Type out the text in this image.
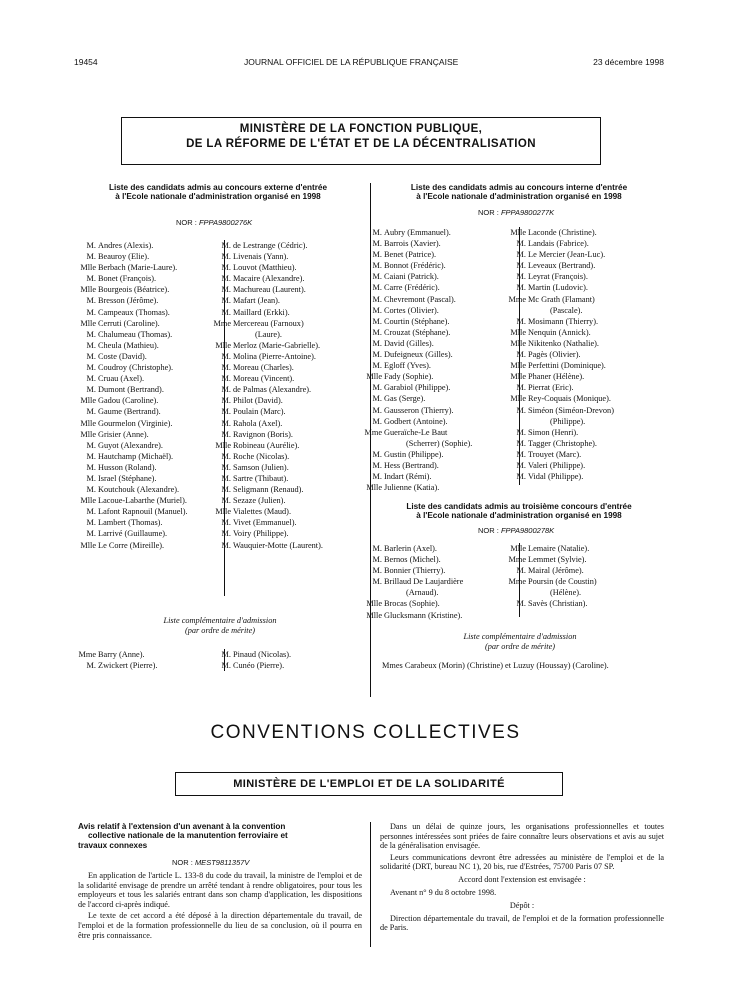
19454	JOURNAL OFFICIEL DE LA RÉPUBLIQUE FRANÇAISE	23 décembre 1998
MINISTÈRE DE LA FONCTION PUBLIQUE,
DE LA RÉFORME DE L'ÉTAT ET DE LA DÉCENTRALISATION
Liste des candidats admis au concours externe d'entrée
à l'Ecole nationale d'administration organisé en 1998
NOR : FPPA9800276K
M. Andres (Alexis).
M. Beauroy (Elie).
Mlle Berbach (Marie-Laure).
M. Bonet (François).
Mlle Bourgeois (Béatrice).
M. Bresson (Jérôme).
M. Campeaux (Thomas).
Mlle Cerruti (Caroline).
M. Chalumeau (Thomas).
M. Cheula (Mathieu).
M. Coste (David).
M. Coudroy (Christophe).
M. Cruau (Axel).
M. Dumont (Bertrand).
Mlle Gadou (Caroline).
M. Gaume (Bertrand).
Mlle Gourmelon (Virginie).
Mlle Grisier (Anne).
M. Guyot (Alexandre).
M. Hautchamp (Michaël).
M. Husson (Roland).
M. Israel (Stéphane).
M. Koutchouk (Alexandre).
Mlle Lacoue-Labarthe (Muriel).
M. Lafont Rapnouil (Manuel).
M. Lambert (Thomas).
M. Larrivé (Guillaume).
Mlle Le Corre (Mireille).
M. de Lestrange (Cédric).
M. Livenais (Yann).
M. Louvot (Matthieu).
M. Macaire (Alexandre).
M. Machureau (Laurent).
M. Mafart (Jean).
M. Maillard (Erkki).
Mme Mercereau (Farnoux)
(Laure).
Mlle Merloz (Marie-Gabrielle).
M. Molina (Pierre-Antoine).
M. Moreau (Charles).
M. Moreau (Vincent).
M. de Palmas (Alexandre).
M. Philot (David).
M. Poulain (Marc).
M. Rahola (Axel).
M. Ravignon (Boris).
Mlle Robineau (Aurélie).
M. Roche (Nicolas).
M. Samson (Julien).
M. Sartre (Thibaut).
M. Seligmann (Renaud).
M. Sezaze (Julien).
Mlle Vialettes (Maud).
M. Vivet (Emmanuel).
M. Voiry (Philippe).
M. Wauquier-Motte (Laurent).
Liste complémentaire d'admission
(par ordre de mérite)
Mme Barry (Anne).
M. Zwickert (Pierre).
M. Pinaud (Nicolas).
M. Cunéo (Pierre).
Liste des candidats admis au concours interne d'entrée
à l'Ecole nationale d'administration organisé en 1998
NOR : FPPA9800277K
M. Aubry (Emmanuel).
M. Barrois (Xavier).
M. Benet (Patrice).
M. Bonnot (Frédéric).
M. Caiani (Patrick).
M. Carre (Frédéric).
M. Chevremont (Pascal).
M. Cortes (Olivier).
M. Courtin (Stéphane).
M. Crouzat (Stéphane).
M. David (Gilles).
M. Dufeigneux (Gilles).
M. Egloff (Yves).
Mlle Fady (Sophie).
M. Garabiol (Philippe).
M. Gas (Serge).
M. Gausseron (Thierry).
M. Godbert (Antoine).
Mme Gueraïche-Le Baut
(Scherrer) (Sophie).
M. Gustin (Philippe).
M. Hess (Bertrand).
M. Indart (Rémi).
Mlle Julienne (Katia).
Mlle Laconde (Christine).
M. Landais (Fabrice).
M. Le Mercier (Jean-Luc).
M. Leveaux (Bertrand).
M. Leyrat (François).
M. Martin (Ludovic).
Mme Mc Grath (Flamant)
(Pascale).
M. Mosimann (Thierry).
Mlle Nenquin (Annick).
Mlle Nikitenko (Nathalie).
M. Pagès (Olivier).
Mlle Perfettini (Dominique).
Mlle Phaner (Hélène).
M. Pierrat (Eric).
Mlle Rey-Coquais (Monique).
M. Siméon (Siméon-Drevon)
(Philippe).
M. Simon (Henri).
M. Tagger (Christophe).
M. Trouyet (Marc).
M. Valeri (Philippe).
M. Vidal (Philippe).
Liste des candidats admis au troisième concours d'entrée
à l'Ecole nationale d'administration organisé en 1998
NOR : FPPA9800278K
M. Barlerin (Axel).
M. Bernos (Michel).
M. Bonnier (Thierry).
M. Brillaud De Laujardière
(Arnaud).
Mlle Brocas (Sophie).
Mlle Glucksmann (Kristine).
Mlle Lemaire (Natalie).
Mme Lemmet (Sylvie).
M. Mairal (Jérôme).
Mme Poursin (de Coustin)
(Hélène).
M. Savès (Christian).
Liste complémentaire d'admission
(par ordre de mérite)
Mmes Carabeux (Morin) (Christine) et Luzuy (Houssay) (Caroline).
CONVENTIONS COLLECTIVES
MINISTÈRE DE L'EMPLOI ET DE LA SOLIDARITÉ
Avis relatif à l'extension d'un avenant à la convention
collective nationale de la manutention ferroviaire et
travaux connexes
NOR : MEST9811357V

En application de l'article L. 133-8 du code du travail, la ministre de l'emploi et de la solidarité envisage de prendre un arrêté tendant à rendre obligatoires, pour tous les employeurs et tous les salariés entrant dans son champ d'application, les dispositions de l'accord ci-après indiqué.

Le texte de cet accord a été déposé à la direction départementale du travail, de l'emploi et de la formation professionnelle du lieu de sa conclusion, où il pourra en être pris connaissance.

Dans un délai de quinze jours, les organisations professionnelles et toutes personnes intéressées sont priées de faire connaître leurs observations et avis au sujet de la généralisation envisagée.

Leurs communications devront être adressées au ministère de l'emploi et de la solidarité (DRT, bureau NC 1), 20 bis, rue d'Estrées, 75700 Paris 07 SP.

Accord dont l'extension est envisagée :

Avenant n° 9 du 8 octobre 1998.

Dépôt :

Direction départementale du travail, de l'emploi et de la formation professionnelle de Paris.
